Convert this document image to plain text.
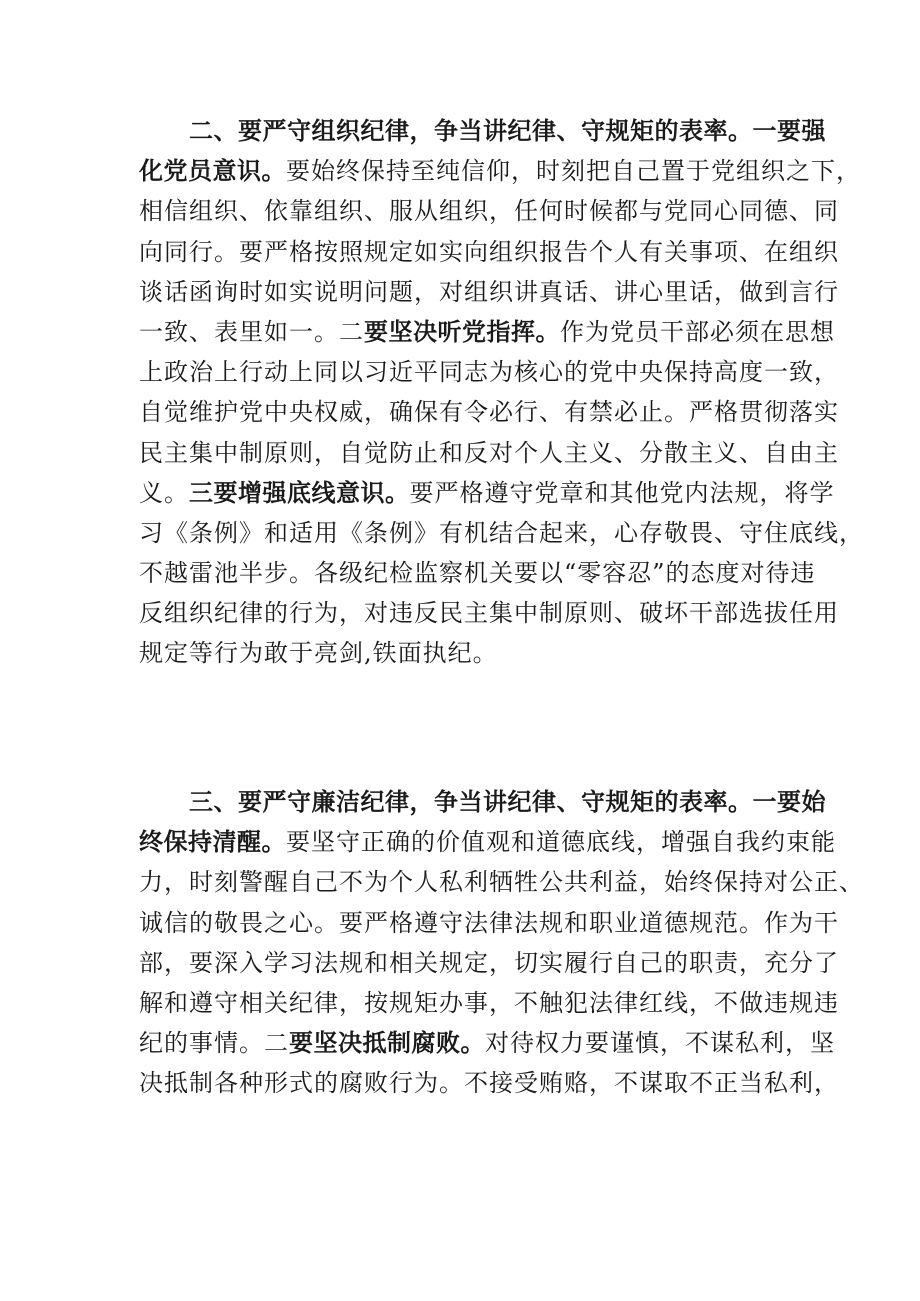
二、要严守组织纪律，争当讲纪律、守规矩的表率。一要强
化党员意识。要始终保持至纯信仰，时刻把自己置于党组织之下，
相信组织、依靠组织、服从组织，任何时候都与党同心同德、同
向同行。要严格按照规定如实向组织报告个人有关事项、在组织
谈话函询时如实说明问题，对组织讲真话、讲心里话，做到言行
一致、表里如一。二要坚决听党指挥。作为党员干部必须在思想
上政治上行动上同以习近平同志为核心的党中央保持高度一致，
自觉维护党中央权威，确保有令必行、有禁必止。严格贯彻落实
民主集中制原则，自觉防止和反对个人主义、分散主义、自由主
义。三要增强底线意识。要严格遵守党章和其他党内法规，将学
习《条例》和适用《条例》有机结合起来，心存敬畏、守住底线，
不越雷池半步。各级纪检监察机关要以“零容忍”的态度对待违
反组织纪律的行为，对违反民主集中制原则、破坏干部选拔任用
规定等行为敢于亮剑,铁面执纪。
三、要严守廉洁纪律，争当讲纪律、守规矩的表率。一要始
终保持清醒。要坚守正确的价值观和道德底线，增强自我约束能
力，时刻警醒自己不为个人私利牺牲公共利益，始终保持对公正、
诚信的敬畏之心。要严格遵守法律法规和职业道德规范。作为干
部，要深入学习法规和相关规定，切实履行自己的职责，充分了
解和遵守相关纪律，按规矩办事，不触犯法律红线，不做违规违
纪的事情。二要坚决抵制腐败。对待权力要谨慎，不谋私利，坚
决抵制各种形式的腐败行为。不接受贿赂，不谋取不正当私利，
